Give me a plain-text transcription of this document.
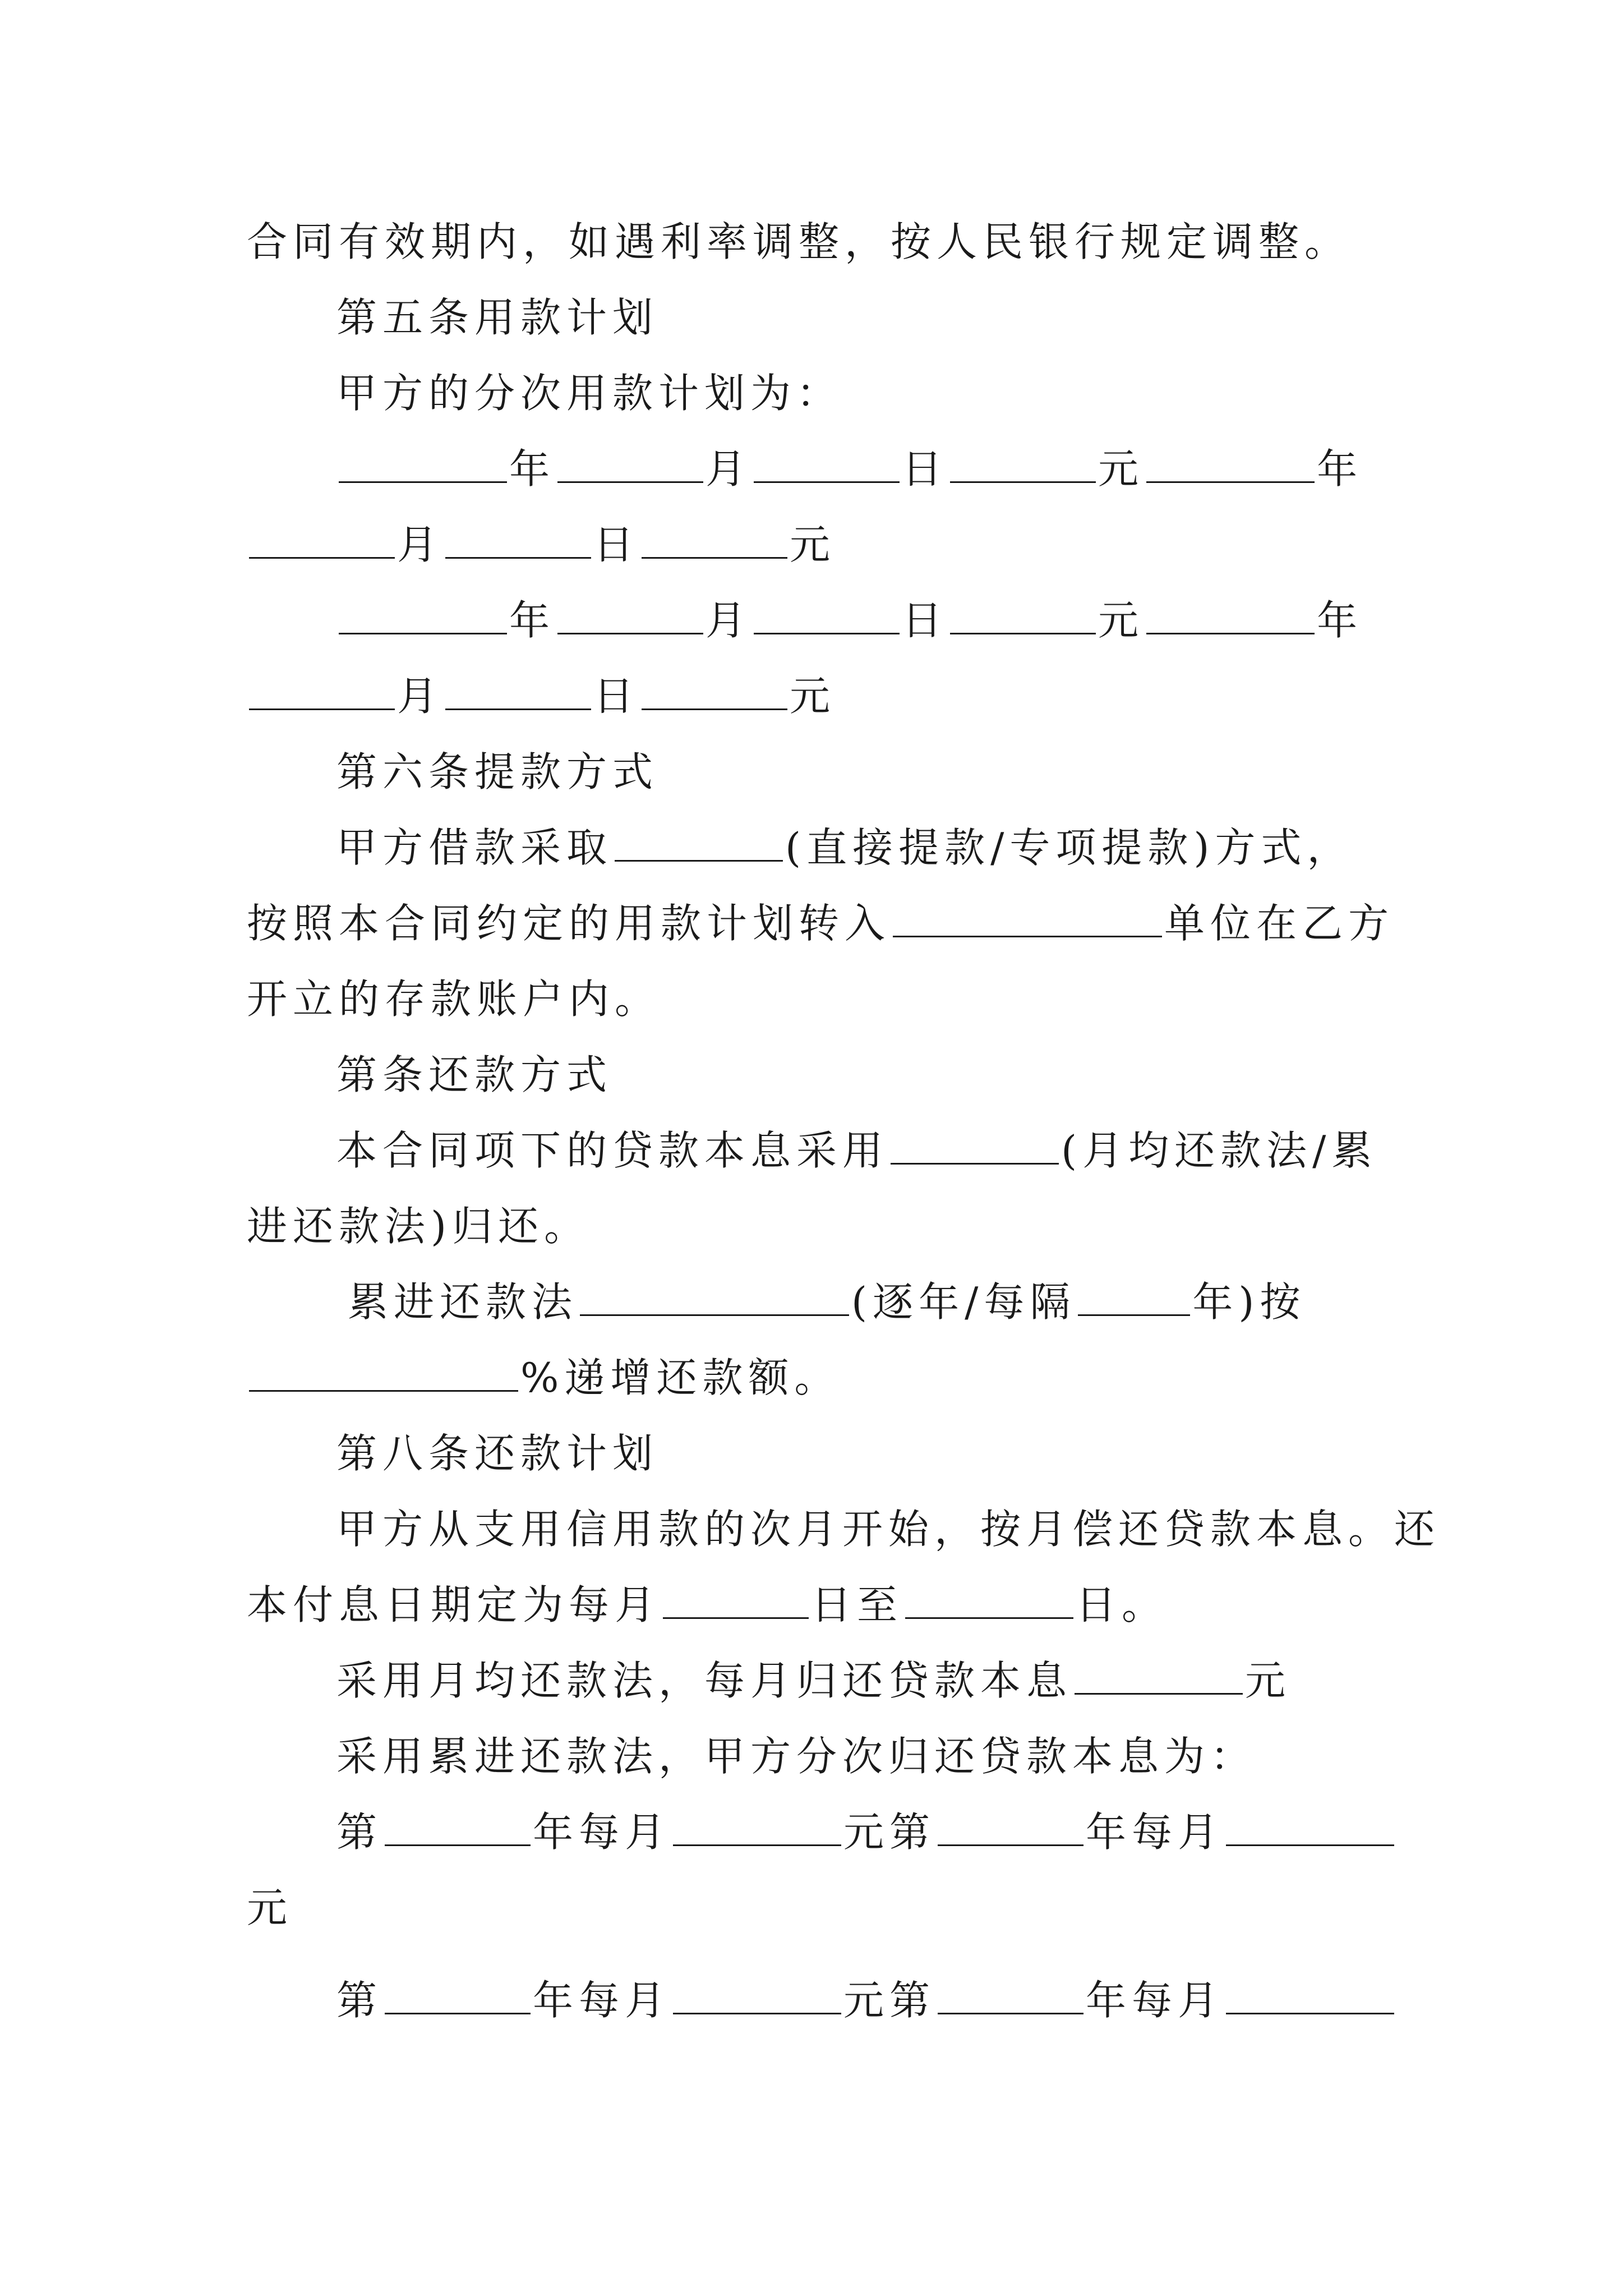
合同有效期内，如遇利率调整，按人民银行规定调整。
第五条用款计划
甲方的分次用款计划为：
年	月	日	元	年
月	日	元
年	月	日	元	年
月	日	元
第六条提款方式
甲方借款采取	(直接提款/专项提款)方式，
按照本合同约定的用款计划转入	单位在乙方
开立的存款账户内。
第条还款方式
本合同项下的贷款本息采用	(月均还款法/累
进还款法)归还。
累进还款法	(逐年/每隔	年)按
%递增还款额。
第八条还款计划
甲方从支用信用款的次月开始，按月偿还贷款本息。还
本付息日期定为每月	日至	日。
采用月均还款法，每月归还贷款本息	元
采用累进还款法，甲方分次归还贷款本息为：
第	年每月	元第	年每月
元
第	年每月	元第	年每月
